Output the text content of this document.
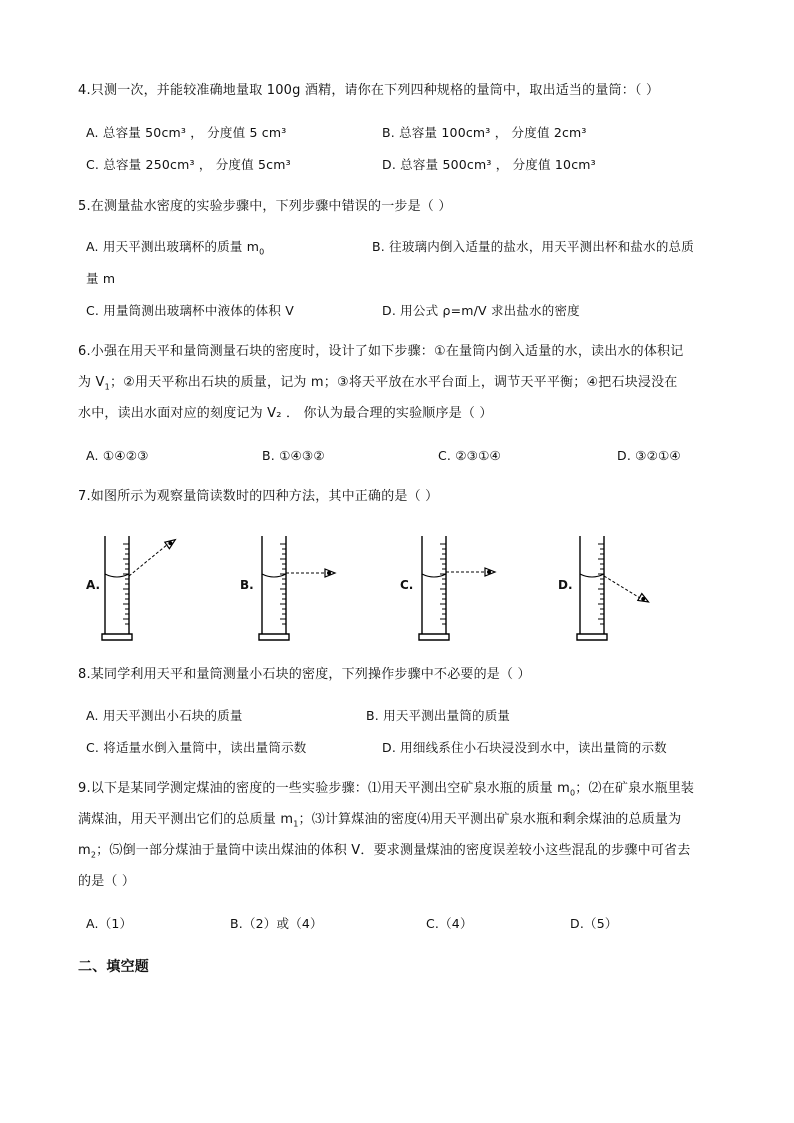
4.只测一次，并能较准确地量取 100g 酒精，请你在下列四种规格的量筒中，取出适当的量筒：（ ）
A. 总容量 50cm³ ， 分度值 5 cm³	B. 总容量 100cm³ ， 分度值 2cm³
C. 总容量 250cm³ ， 分度值 5cm³	D. 总容量 500cm³ ， 分度值 10cm³
5.在测量盐水密度的实验步骤中，下列步骤中错误的一步是（ ）
A. 用天平测出玻璃杯的质量 $m_0$	B. 往玻璃内倒入适量的盐水，用天平测出杯和盐水的总质
量 m
C. 用量筒测出玻璃杯中液体的体积 V	D. 用公式 ρ=m/V 求出盐水的密度
6.小强在用天平和量筒测量石块的密度时，设计了如下步骤：①在量筒内倒入适量的水，读出水的体积记
为 $V_1$；②用天平称出石块的质量，记为 m；③将天平放在水平台面上，调节天平平衡；④把石块浸没在
水中，读出水面对应的刻度记为 V₂ ． 你认为最合理的实验顺序是（ ）
A. ①④②③	B. ①④③②	C. ②③①④	D. ③②①④
7.如图所示为观察量筒读数时的四种方法，其中正确的是（ ）
A.	B.	C.	D.
8.某同学利用天平和量筒测量小石块的密度，下列操作步骤中不必要的是（ ）
A. 用天平测出小石块的质量	B. 用天平测出量筒的质量
C. 将适量水倒入量筒中，读出量筒示数	D. 用细线系住小石块浸没到水中，读出量筒的示数
9.以下是某同学测定煤油的密度的一些实验步骤：⑴用天平测出空矿泉水瓶的质量 $m_0$；⑵在矿泉水瓶里装
满煤油，用天平测出它们的总质量 $m_1$；⑶计算煤油的密度⑷用天平测出矿泉水瓶和剩余煤油的总质量为
$m_2$；⑸倒一部分煤油于量筒中读出煤油的体积 V．要求测量煤油的密度误差较小这些混乱的步骤中可省去
的是（ ）
A.（1）	B.（2）或（4）	C.（4）	D.（5）
二、填空题
